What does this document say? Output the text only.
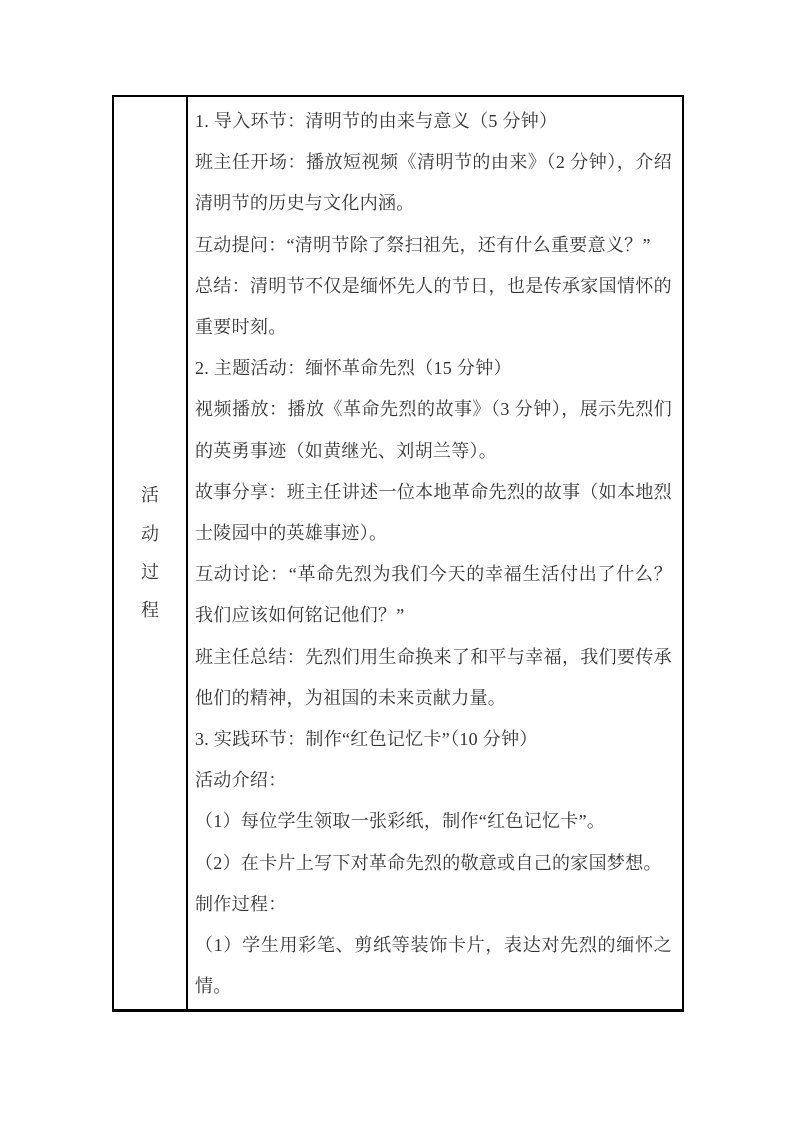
活动过程

1. 导入环节：清明节的由来与意义（5 分钟）

班主任开场：播放短视频《清明节的由来》（2 分钟），介绍清明节的历史与文化内涵。

互动提问：“清明节除了祭扫祖先，还有什么重要意义？”

总结：清明节不仅是缅怀先人的节日，也是传承家国情怀的重要时刻。

2. 主题活动：缅怀革命先烈（15 分钟）

视频播放：播放《革命先烈的故事》（3 分钟），展示先烈们的英勇事迹（如黄继光、刘胡兰等）。

故事分享：班主任讲述一位本地革命先烈的故事（如本地烈士陵园中的英雄事迹）。

互动讨论：“革命先烈为我们今天的幸福生活付出了什么？我们应该如何铭记他们？”

班主任总结：先烈们用生命换来了和平与幸福，我们要传承他们的精神，为祖国的未来贡献力量。

3. 实践环节：制作“红色记忆卡”（10 分钟）

活动介绍：

（1）每位学生领取一张彩纸，制作“红色记忆卡”。

（2）在卡片上写下对革命先烈的敬意或自己的家国梦想。

制作过程：

（1）学生用彩笔、剪纸等装饰卡片，表达对先烈的缅怀之情。
